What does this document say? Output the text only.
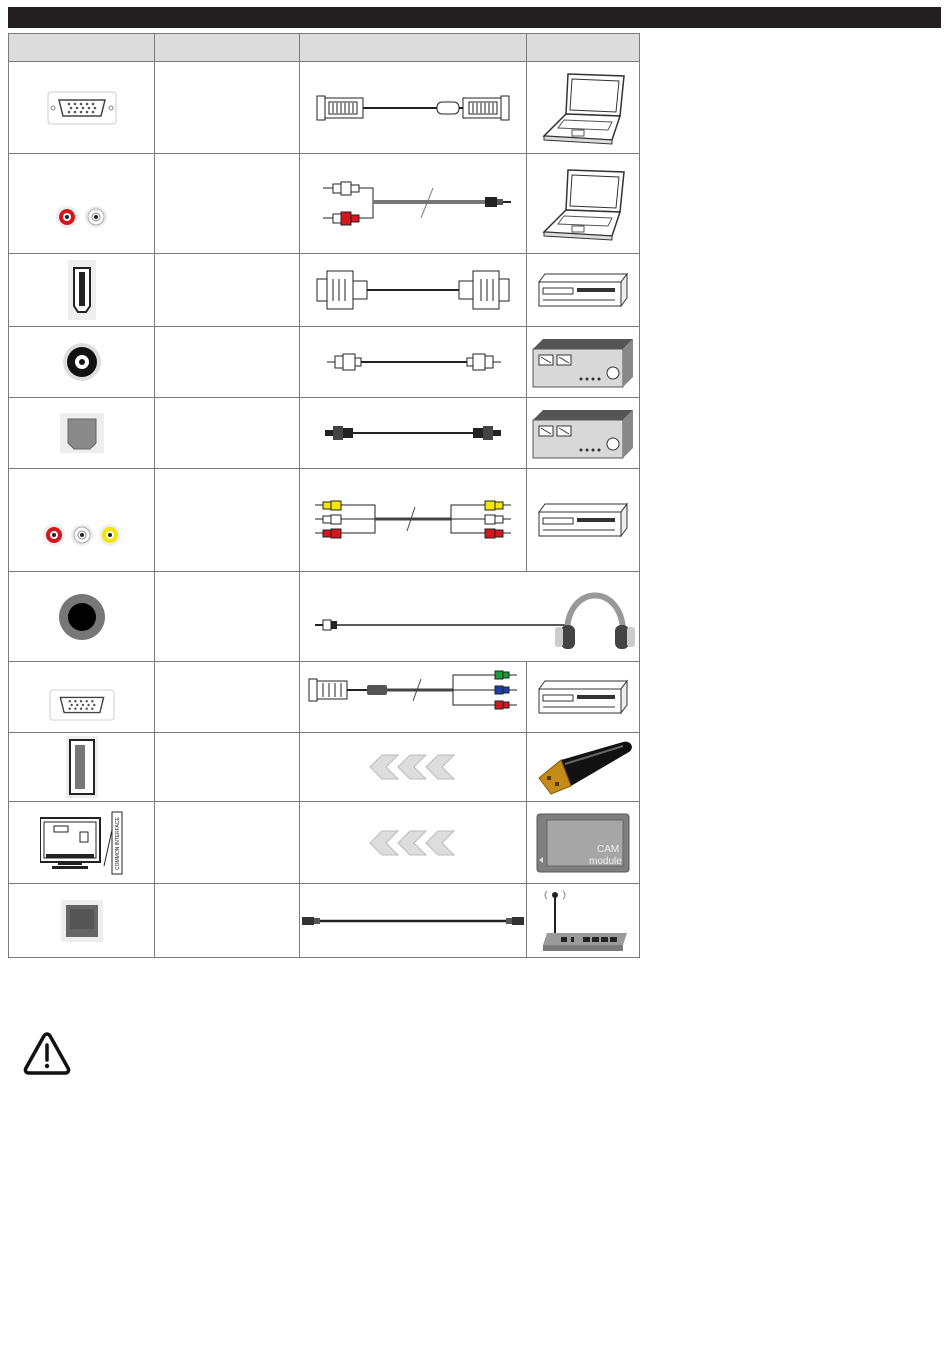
COMMON INTERFACE			CAM
module
